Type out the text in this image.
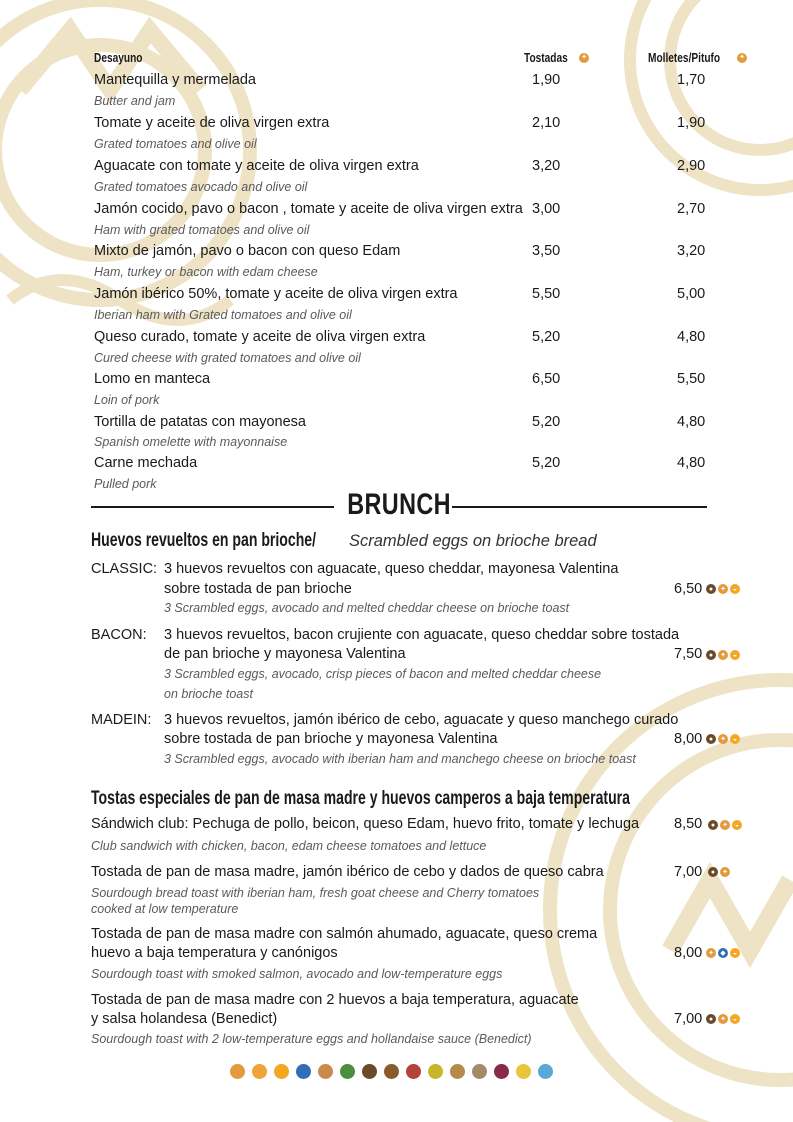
Desayuno	Tostadas ✦	Molletes/Pitufo	✦
Mantequilla y mermelada
Butter and jam
1,90	1,70
Tomate y aceite de oliva virgen extra
Grated tomatoes and olive oil
2,10	1,90
Aguacate con tomate y aceite de oliva virgen extra
Grated tomatoes avocado and olive oil
3,20	2,90
Jamón cocido, pavo o bacon , tomate y aceite de oliva virgen extra
Ham with grated tomatoes and olive oil
3,00	2,70
Mixto de jamón, pavo o bacon con queso Edam
Ham, turkey or bacon with edam cheese
3,50	3,20
Jamón ibérico 50%, tomate y aceite de oliva virgen extra
Iberian ham with Grated tomatoes and olive oil
5,50	5,00
Queso curado, tomate y aceite de oliva virgen extra
Cured cheese with grated tomatoes and olive oil
5,20	4,80
Lomo en manteca
Loin of pork
6,50	5,50
Tortilla de patatas con mayonesa
Spanish omelette with mayonnaise
5,20	4,80
Carne mechada
Pulled pork
5,20	4,80
BRUNCH
Huevos revueltos en pan brioche/ Scrambled eggs on brioche bread
CLASSIC: 3 huevos revueltos con aguacate, queso cheddar, mayonesa Valentina
sobre tostada de pan brioche
3 Scrambled eggs, avocado and melted cheddar cheese on brioche toast
6,50 ● ✦ ◒
BACON: 3 huevos revueltos, bacon crujiente con aguacate, queso cheddar sobre tostada
de pan brioche y mayonesa Valentina
3 Scrambled eggs, avocado, crisp pieces of bacon and melted cheddar cheese
on brioche toast
7,50 ● ✦ ◒
MADEIN: 3 huevos revueltos, jamón ibérico de cebo, aguacate y queso manchego curado
sobre tostada de pan brioche y mayonesa Valentina
3 Scrambled eggs, avocado with iberian ham and manchego cheese on brioche toast
8,00 ● ✦ ◒
Tostas especiales de pan de masa madre y huevos camperos a baja temperatura
Sándwich club: Pechuga de pollo, beicon, queso Edam, huevo frito, tomate y lechuga
Club sandwich with chicken, bacon, edam cheese tomatoes and lettuce
8,50	● ✦ ◒
Tostada de pan de masa madre, jamón ibérico de cebo y dados de queso cabra
Sourdough bread toast with iberian ham, fresh goat cheese and Cherry tomatoes
cooked at low temperature
7,00	● ✦
Tostada de pan de masa madre con salmón ahumado, aguacate, queso crema
huevo a baja temperatura y canónigos
Sourdough toast with smoked salmon, avocado and low-temperature eggs
8,00 ✦ ◆	◒
Tostada de pan de masa madre con 2 huevos a baja temperatura, aguacate
y salsa holandesa (Benedict)
Sourdough toast with 2 low-temperature eggs and hollandaise sauce (Benedict)
7,00 ● ✦ ◒
